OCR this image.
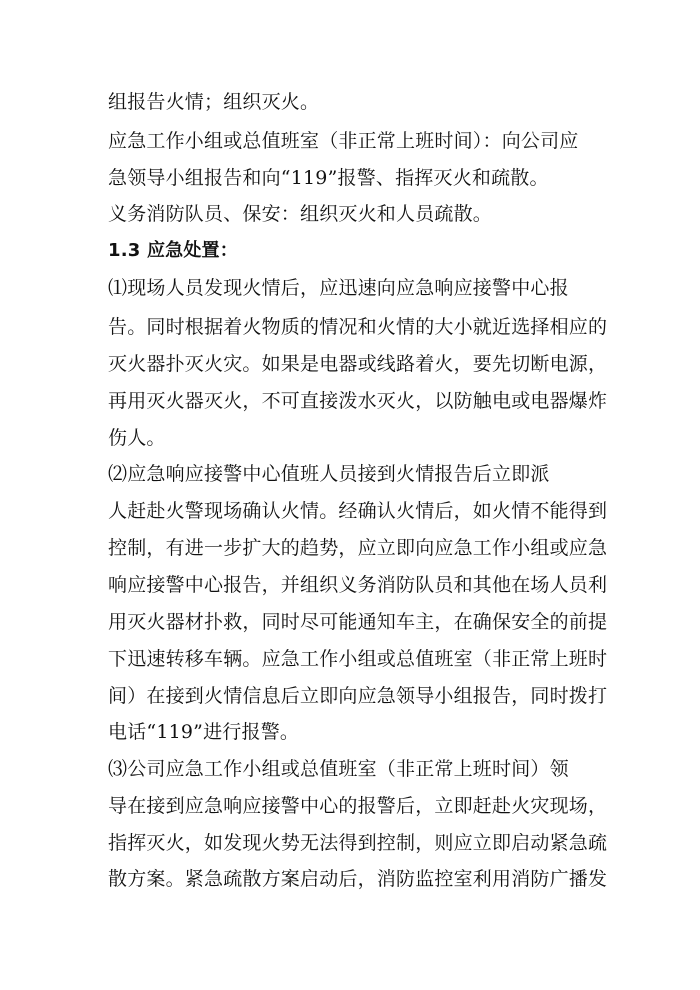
组报告火情；组织灭火。
应急工作小组或总值班室（非正常上班时间）：向公司应
急领导小组报告和向“119”报警、指挥灭火和疏散。
义务消防队员、保安：组织灭火和人员疏散。
1.3 应急处置：
⑴现场人员发现火情后，应迅速向应急响应接警中心报
告。同时根据着火物质的情况和火情的大小就近选择相应的
灭火器扑灭火灾。如果是电器或线路着火，要先切断电源，
再用灭火器灭火，不可直接泼水灭火，以防触电或电器爆炸
伤人。
⑵应急响应接警中心值班人员接到火情报告后立即派
人赶赴火警现场确认火情。经确认火情后，如火情不能得到
控制，有进一步扩大的趋势，应立即向应急工作小组或应急
响应接警中心报告，并组织义务消防队员和其他在场人员利
用灭火器材扑救，同时尽可能通知车主，在确保安全的前提
下迅速转移车辆。应急工作小组或总值班室（非正常上班时
间）在接到火情信息后立即向应急领导小组报告，同时拨打
电话“119”进行报警。
⑶公司应急工作小组或总值班室（非正常上班时间）领
导在接到应急响应接警中心的报警后，立即赶赴火灾现场，
指挥灭火，如发现火势无法得到控制，则应立即启动紧急疏
散方案。紧急疏散方案启动后，消防监控室利用消防广播发
